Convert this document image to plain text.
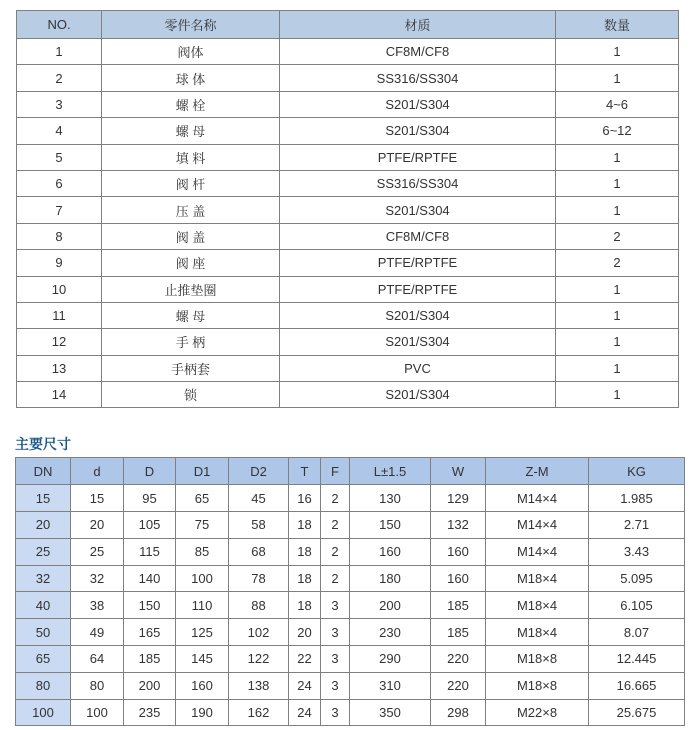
NO.	零件名称	材质	数量
1	阀体	CF8M/CF8	1
2	球 体	SS316/SS304	1
3	螺 栓	S201/S304	4~6
4	螺 母	S201/S304	6~12
5	填 料	PTFE/RPTFE	1
6	阀 杆	SS316/SS304	1
7	压 盖	S201/S304	1
8	阀 盖	CF8M/CF8	2
9	阀 座	PTFE/RPTFE	2
10	止推垫圈	PTFE/RPTFE	1
11	螺 母	S201/S304	1
12	手 柄	S201/S304	1
13	手柄套	PVC	1
14	锁	S201/S304	1
主要尺寸
DN	d	D	D1	D2	T	F	L±1.5	W	Z-M	KG
15	15	95	65	45	16	2	130	129	M14×4	1.985
20	20	105	75	58	18	2	150	132	M14×4	2.71
25	25	115	85	68	18	2	160	160	M14×4	3.43
32	32	140	100	78	18	2	180	160	M18×4	5.095
40	38	150	110	88	18	3	200	185	M18×4	6.105
50	49	165	125	102	20	3	230	185	M18×4	8.07
65	64	185	145	122	22	3	290	220	M18×8	12.445
80	80	200	160	138	24	3	310	220	M18×8	16.665
100	100	235	190	162	24	3	350	298	M22×8	25.675
